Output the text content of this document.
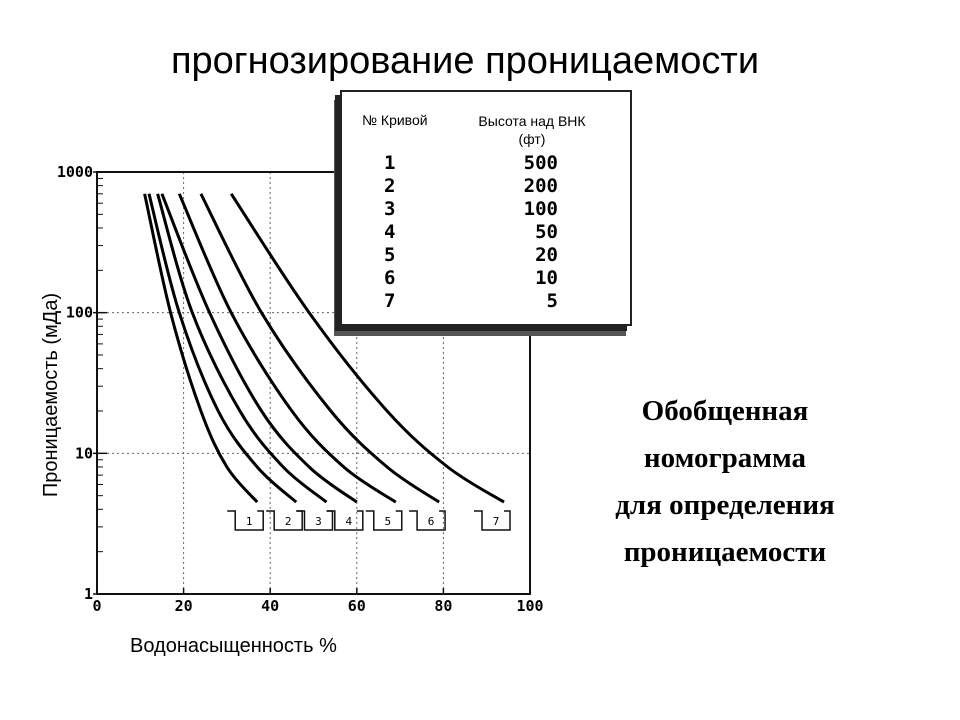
прогнозирование проницаемости
1
10
100
1000
0	20	40	60	80	100
1	2 3 4	5	6	7
Проницаемость (мДа)
Водонасыщенность %
№ Кривой	Высота над ВНК (фт)
1	500
2	200
3	100
4	50
5	20
6	10
7	5
Обобщенная
номограмма
для определения
проницаемости
